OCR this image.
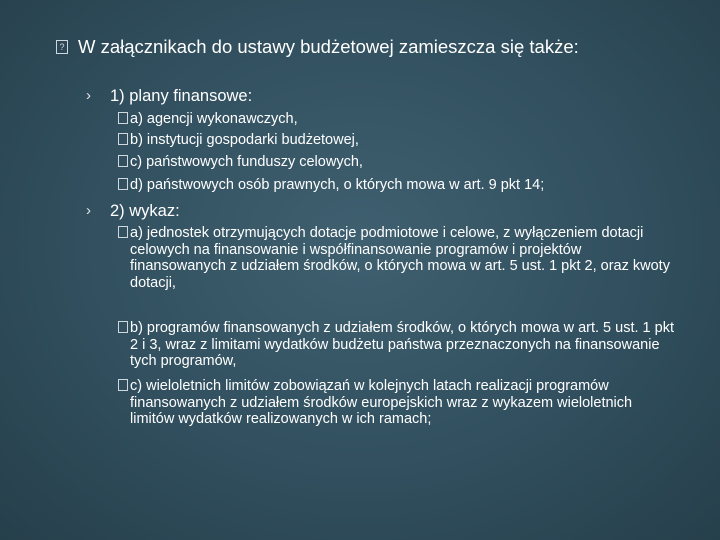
? W załącznikach do ustawy budżetowej zamieszcza się także:
› 1) plany finansowe:
a) agencji wykonawczych,
b) instytucji gospodarki budżetowej,
c) państwowych funduszy celowych,
d) państwowych osób prawnych, o których mowa w art. 9 pkt 14;
› 2) wykaz:
a) jednostek otrzymujących dotacje podmiotowe i celowe, z wyłączeniem dotacji celowych na finansowanie i współfinansowanie programów i projektów finansowanych z udziałem środków, o których mowa w art. 5 ust. 1 pkt 2, oraz kwoty dotacji,
b) programów finansowanych z udziałem środków, o których mowa w art. 5 ust. 1 pkt 2 i 3, wraz z limitami wydatków budżetu państwa przeznaczonych na finansowanie tych programów,
c) wieloletnich limitów zobowiązań w kolejnych latach realizacji programów finansowanych z udziałem środków europejskich wraz z wykazem wieloletnich limitów wydatków realizowanych w ich ramach;
